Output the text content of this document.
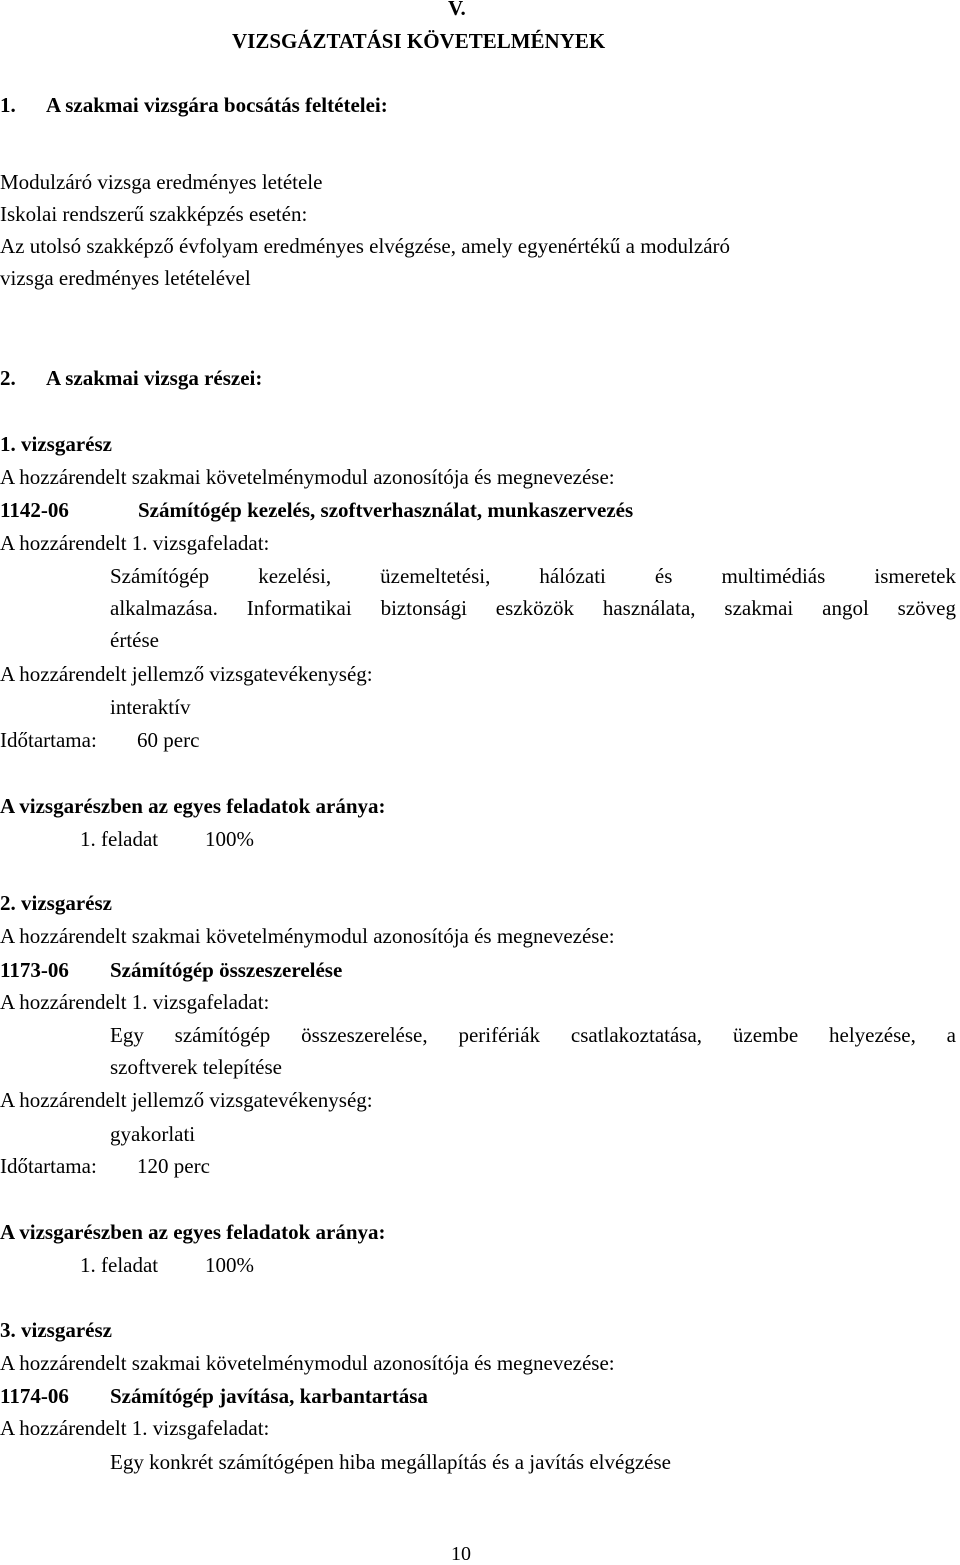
V.
VIZSGÁZTATÁSI KÖVETELMÉNYEK
1. A szakmai vizsgára bocsátás feltételei:
Modulzáró vizsga eredményes letétele
Iskolai rendszerű szakképzés esetén:
Az utolsó szakképző évfolyam eredményes elvégzése, amely egyenértékű a modulzáró
vizsga eredményes letételével
2. A szakmai vizsga részei:
1. vizsgarész
A hozzárendelt szakmai követelménymodul azonosítója és megnevezése:
1142-06	Számítógép kezelés, szoftverhasználat, munkaszervezés
A hozzárendelt 1. vizsgafeladat:
Számítógép kezelési, üzemeltetési, hálózati és multimédiás ismeretek
alkalmazása. Informatikai biztonsági eszközök használata, szakmai angol szöveg
értése
A hozzárendelt jellemző vizsgatevékenység:
interaktív
Időtartama: 60 perc
A vizsgarészben az egyes feladatok aránya:
1. feladat 100%
2. vizsgarész
A hozzárendelt szakmai követelménymodul azonosítója és megnevezése:
1173-06 Számítógép összeszerelése
A hozzárendelt 1. vizsgafeladat:
Egy számítógép összeszerelése, perifériák csatlakoztatása, üzembe helyezése, a
szoftverek telepítése
A hozzárendelt jellemző vizsgatevékenység:
gyakorlati
Időtartama: 120 perc
A vizsgarészben az egyes feladatok aránya:
1. feladat 100%
3. vizsgarész
A hozzárendelt szakmai követelménymodul azonosítója és megnevezése:
1174-06 Számítógép javítása, karbantartása
A hozzárendelt 1. vizsgafeladat:
Egy konkrét számítógépen hiba megállapítás és a javítás elvégzése
10
